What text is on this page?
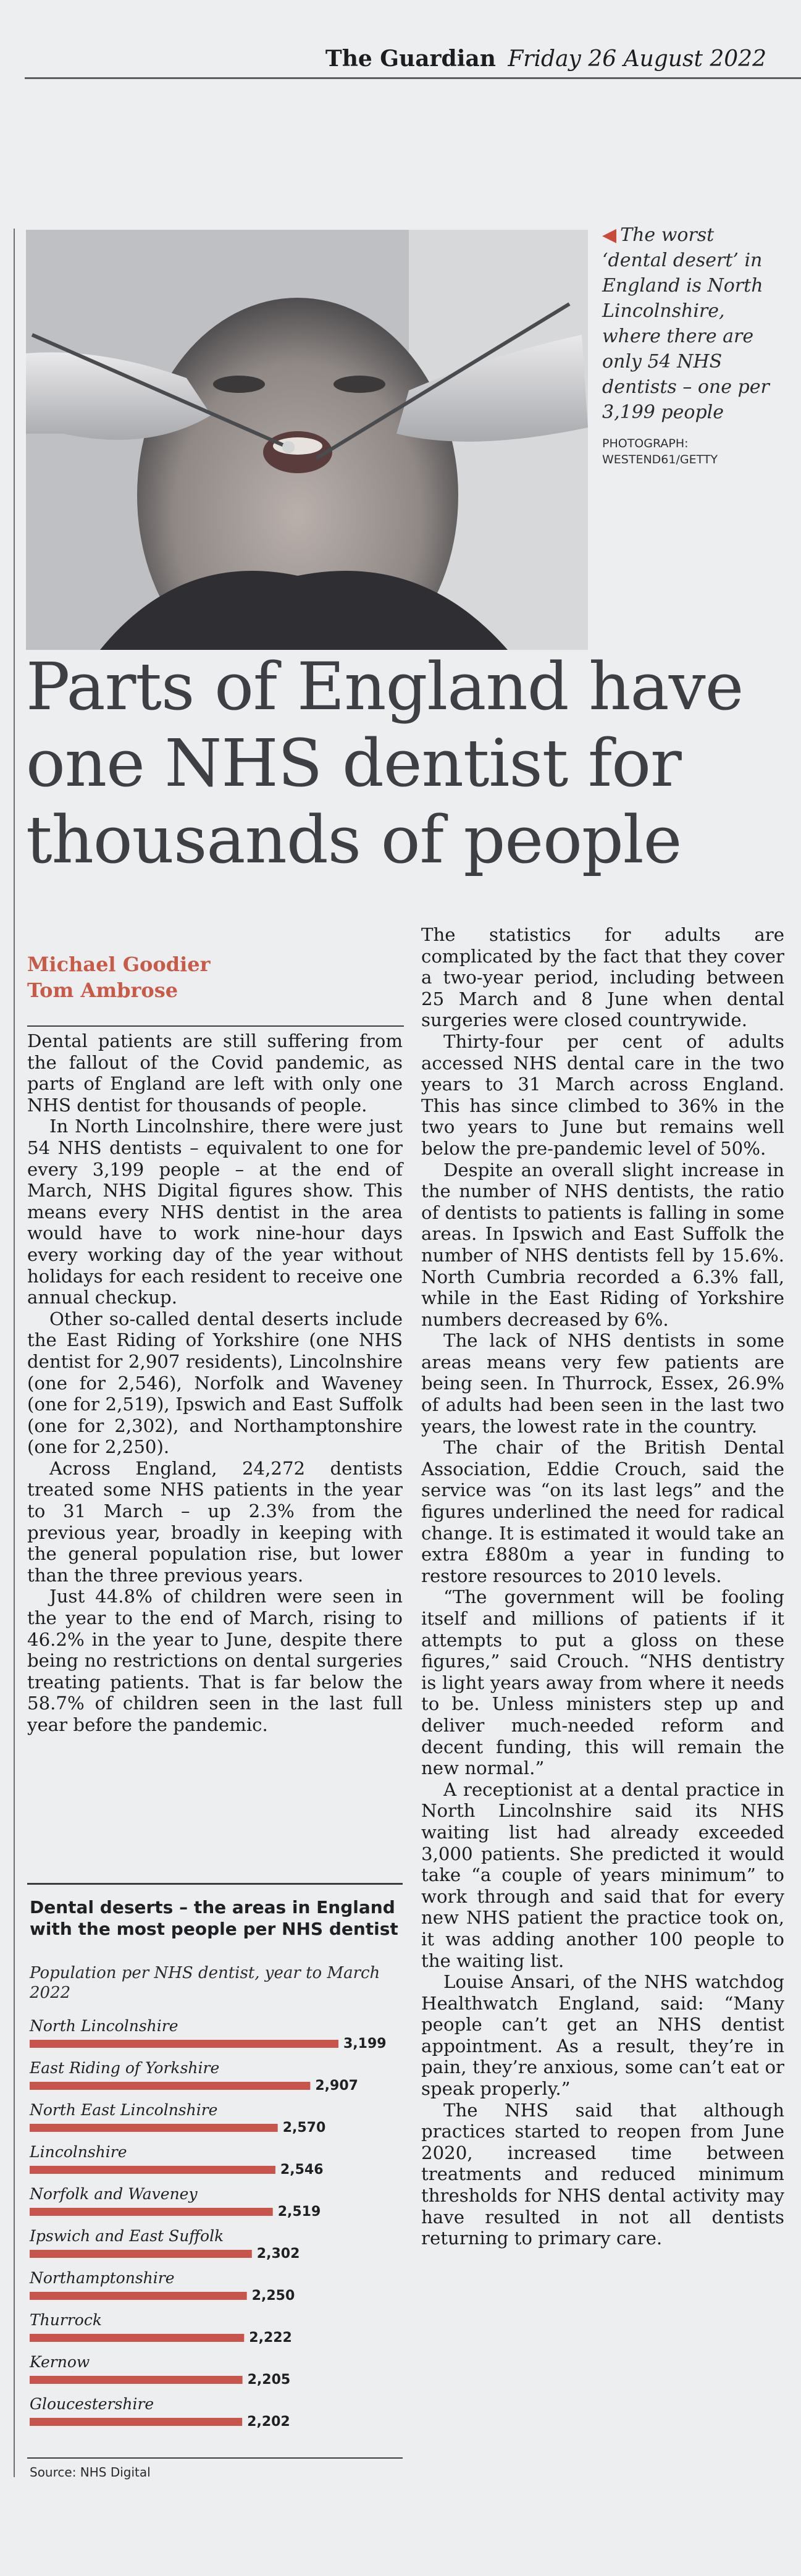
The Guardian Friday 26 August 2022
◀ The worst ‘dental desert’ in England is North Lincolnshire, where there are only 54 NHS dentists – one per 3,199 people
PHOTOGRAPH:
WESTEND61/GETTY
Parts of England have one NHS dentist for thousands of people
Michael Goodier
Tom Ambrose

Dental patients are still suffering from the fallout of the Covid pandemic, as parts of England are left with only one NHS dentist for thousands of people.

In North Lincolnshire, there were just 54 NHS dentists – equivalent to one for every 3,199 people – at the end of March, NHS Digital figures show. This means every NHS dentist in the area would have to work nine-hour days every working day of the year without holidays for each resident to receive one annual checkup.

Other so-called dental deserts include the East Riding of Yorkshire (one NHS dentist for 2,907 residents), Lincolnshire (one for 2,546), Norfolk and Waveney (one for 2,519), Ipswich and East Suffolk (one for 2,302), and Northamptonshire (one for 2,250).

Across England, 24,272 dentists treated some NHS patients in the year to 31 March – up 2.3% from the previous year, broadly in keeping with the general population rise, but lower than the three previous years.

Just 44.8% of children were seen in the year to the end of March, rising to 46.2% in the year to June, despite there being no restrictions on dental surgeries treating patients. That is far below the 58.7% of children seen in the last full year before the pandemic.

The statistics for adults are complicated by the fact that they cover a two-year period, including between 25 March and 8 June when dental surgeries were closed countrywide.

Thirty-four per cent of adults accessed NHS dental care in the two years to 31 March across England. This has since climbed to 36% in the two years to June but remains well below the pre-pandemic level of 50%.

Despite an overall slight increase in the number of NHS dentists, the ratio of dentists to patients is falling in some areas. In Ipswich and East Suffolk the number of NHS dentists fell by 15.6%. North Cumbria recorded a 6.3% fall, while in the East Riding of Yorkshire numbers decreased by 6%.

The lack of NHS dentists in some areas means very few patients are being seen. In Thurrock, Essex, 26.9% of adults had been seen in the last two years, the lowest rate in the country.

The chair of the British Dental Association, Eddie Crouch, said the service was “on its last legs” and the figures underlined the need for radical change. It is estimated it would take an extra £880m a year in funding to restore resources to 2010 levels.

“The government will be fooling itself and millions of patients if it attempts to put a gloss on these figures,” said Crouch. “NHS dentistry is light years away from where it needs to be. Unless ministers step up and deliver much-needed reform and decent funding, this will remain the new normal.”

A receptionist at a dental practice in North Lincolnshire said its NHS waiting list had already exceeded 3,000 patients. She predicted it would take “a couple of years minimum” to work through and said that for every new NHS patient the practice took on, it was adding another 100 people to the waiting list.

Louise Ansari, of the NHS watchdog Healthwatch England, said: “Many people can’t get an NHS dentist appointment. As a result, they’re in pain, they’re anxious, some can’t eat or speak properly.”

The NHS said that although practices started to reopen from June 2020, increased time between treatments and reduced minimum thresholds for NHS dental activity may have resulted in not all dentists returning to primary care.

Dental deserts – the areas in England with the most people per NHS dentist
Population per NHS dentist, year to March 2022
North Lincolnshire
3,199
East Riding of Yorkshire
2,907
North East Lincolnshire
2,570
Lincolnshire
2,546
Norfolk and Waveney
2,519
Ipswich and East Suffolk
2,302
Northamptonshire
2,250
Thurrock
2,222
Kernow
2,205
Gloucestershire
2,202
Source: NHS Digital
